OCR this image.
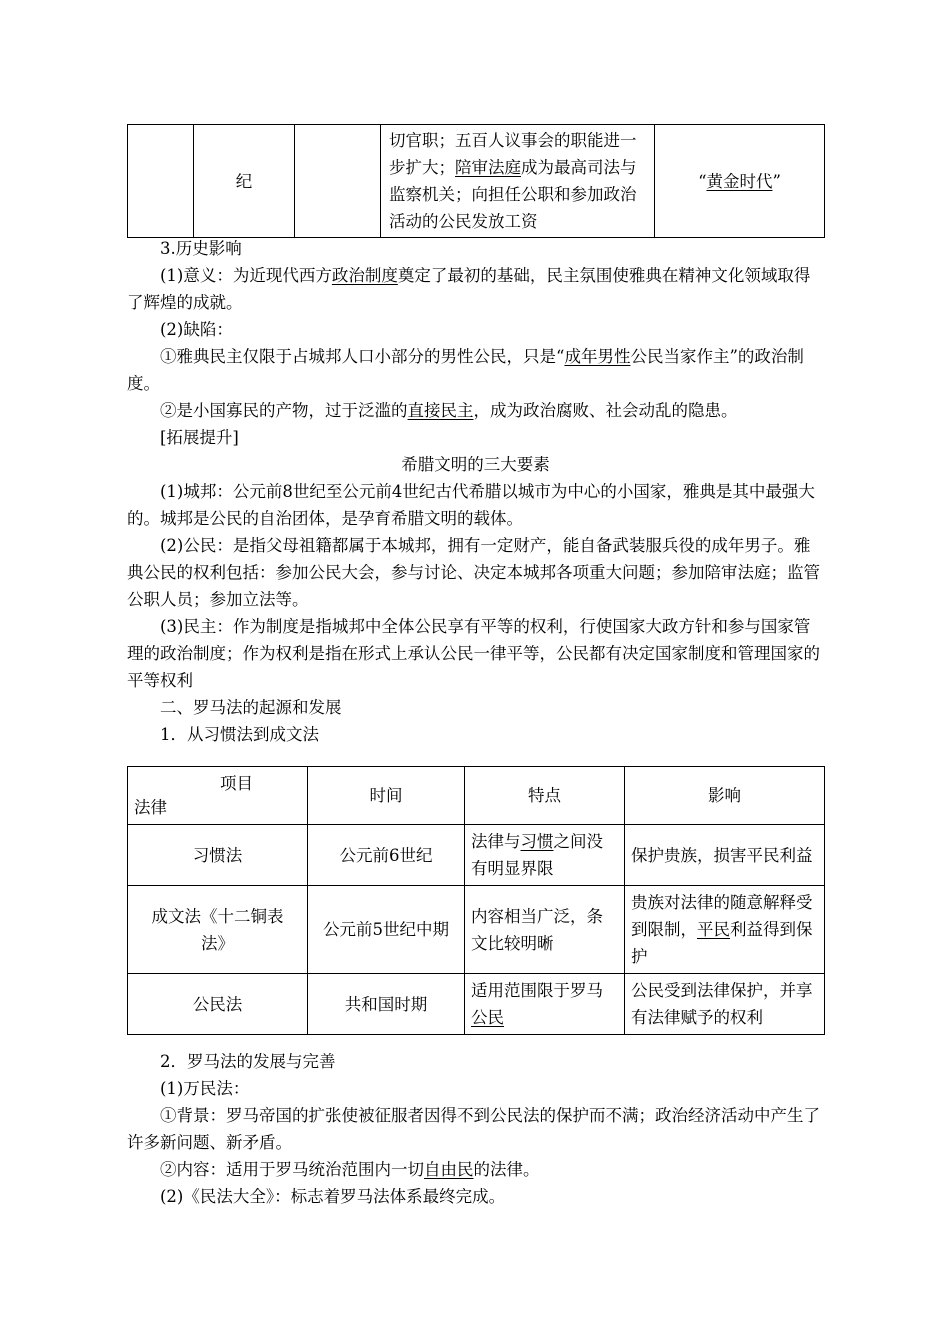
	纪		切官职；五百人议事会的职能进一步扩大；陪审法庭成为最高司法与监察机关；向担任公职和参加政治活动的公民发放工资	“黄金时代”

3.历史影响

(1)意义：为近现代西方政治制度奠定了最初的基础，民主氛围使雅典在精神文化领域取得了辉煌的成就。

(2)缺陷：

①雅典民主仅限于占城邦人口小部分的男性公民，只是“成年男性公民当家作主”的政治制度。

②是小国寡民的产物，过于泛滥的直接民主，成为政治腐败、社会动乱的隐患。

[拓展提升]

希腊文明的三大要素

(1)城邦：公元前8世纪至公元前4世纪古代希腊以城市为中心的小国家，雅典是其中最强大的。城邦是公民的自治团体，是孕育希腊文明的载体。

(2)公民：是指父母祖籍都属于本城邦，拥有一定财产，能自备武装服兵役的成年男子。雅典公民的权利包括：参加公民大会，参与讨论、决定本城邦各项重大问题；参加陪审法庭；监管公职人员；参加立法等。

(3)民主：作为制度是指城邦中全体公民享有平等的权利，行使国家大政方针和参与国家管理的政治制度；作为权利是指在形式上承认公民一律平等，公民都有决定国家制度和管理国家的平等权利

二、罗马法的起源和发展

1．从习惯法到成文法

项目
法律	时间	特点	影响
习惯法	公元前6世纪	法律与习惯之间没有明显界限	保护贵族，损害平民利益
成文法《十二铜表法》	公元前5世纪中期	内容相当广泛，条文比较明晰	贵族对法律的随意解释受到限制，平民利益得到保护
公民法	共和国时期	适用范围限于罗马公民	公民受到法律保护，并享有法律赋予的权利

2．罗马法的发展与完善

(1)万民法：

①背景：罗马帝国的扩张使被征服者因得不到公民法的保护而不满；政治经济活动中产生了许多新问题、新矛盾。

②内容：适用于罗马统治范围内一切自由民的法律。

(2)《民法大全》：标志着罗马法体系最终完成。
